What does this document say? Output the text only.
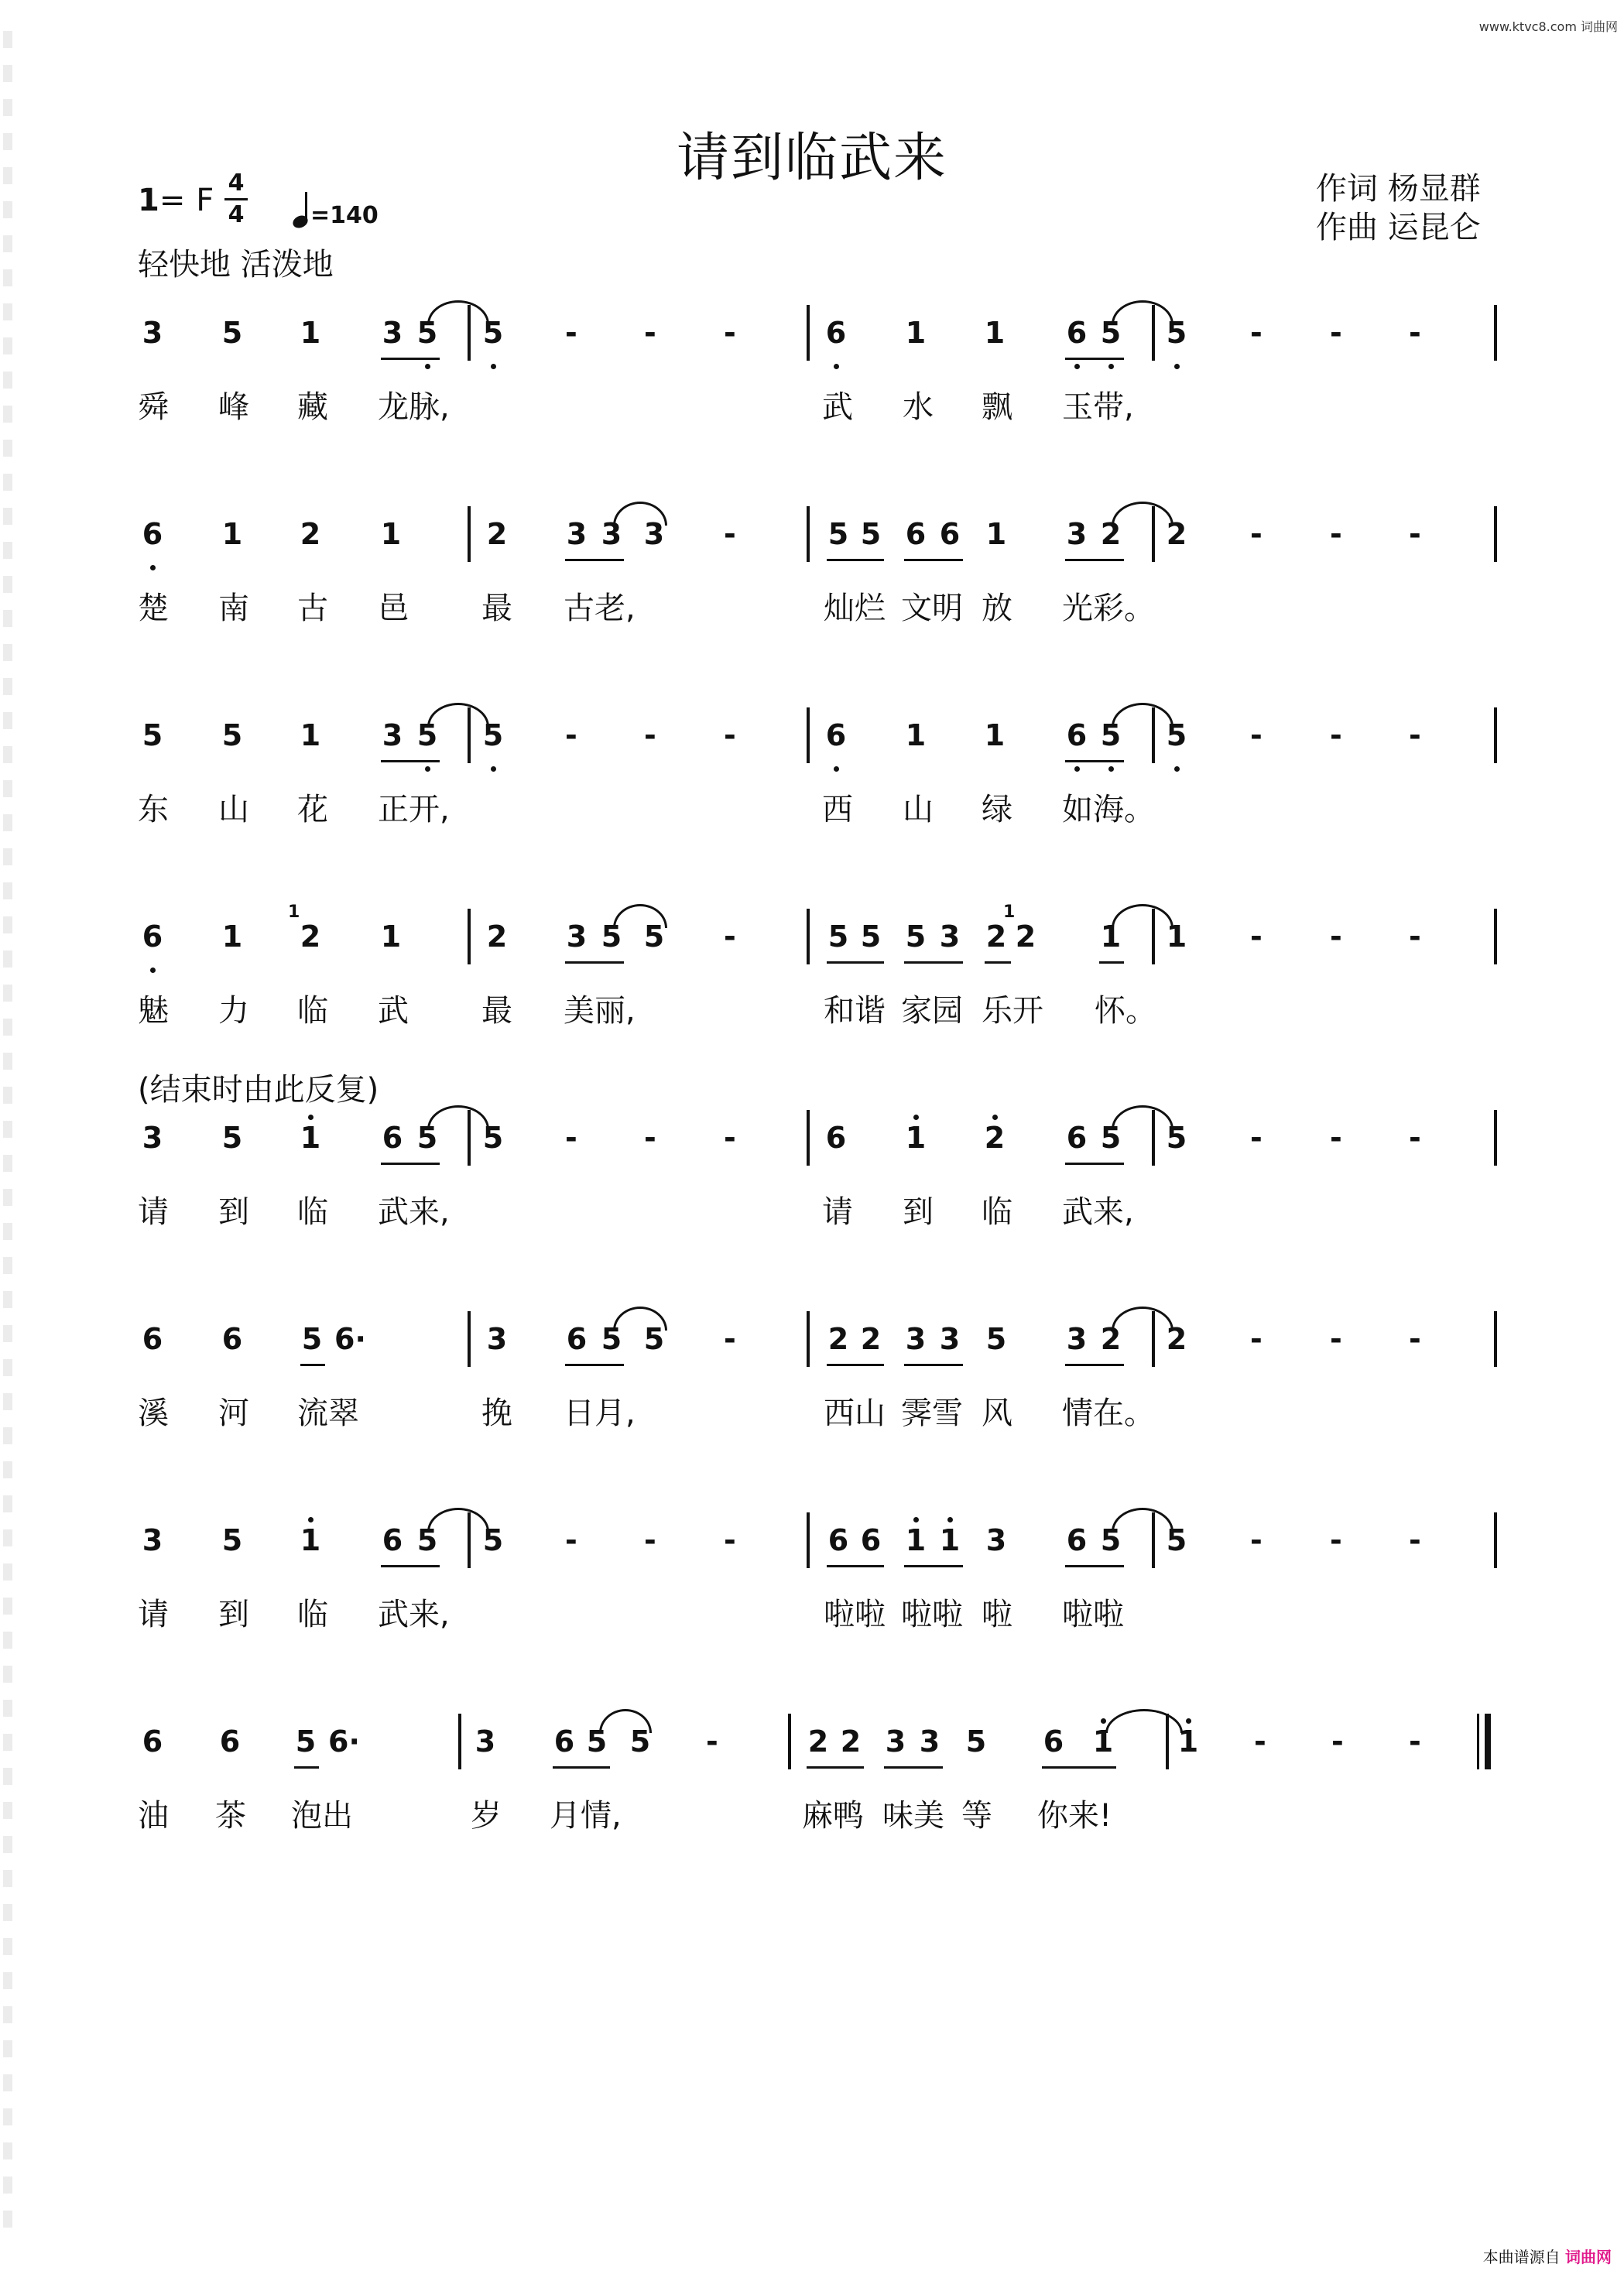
www.ktvc8.com 词曲网
请到临武来	作词 杨显群
作曲 运昆仑
1= F 4
4	=140
轻快地 活泼地
(结束时由此反复)
3 5 1 3 5 5 - - -	6 1 1 6 5 5 - - -
舜 峰 藏 龙脉,	武 水 飘 玉带,
6 1 2 1	2 3 3 3 -	5 5 6 6 1 3 2 2 - - -
楚 南 古 邑 最 古老,	灿烂 文明 放 光彩。
5 5 1 3 5 5 - - -	6 1 1 6 5 5 - - -
东 山 花 正开,	西 山 绿 如海。
6 1
1
2 1	2 3 5 5 -	5 5 5 3
1
2 2 1 1 - - -
魅 力 临 武 最 美丽,	和谐 家园 乐开 怀。
3 5 1 6 5 5 - - -	6 1 2 6 5 5 - - -
请 到 临 武来,	请 到 临 武来,
6 6 5 6·	3 6 5 5 -	2 2 3 3 5 3 2 2 - - -
溪 河 流翠	挽 日月,	西山 霁雪 风 情在。
3 5 1 6 5 5 - - -	6 6 1 1 3 6 5 5 - - -
请 到 临 武来,	啦啦 啦啦 啦 啦啦
6 6 5 6·	3 6 5 5 -	2 2 3 3 5 6 1 1 - - -
油 茶 泡出	岁 月情,	麻鸭 味美 等 你来!
本曲谱源自 词曲网
